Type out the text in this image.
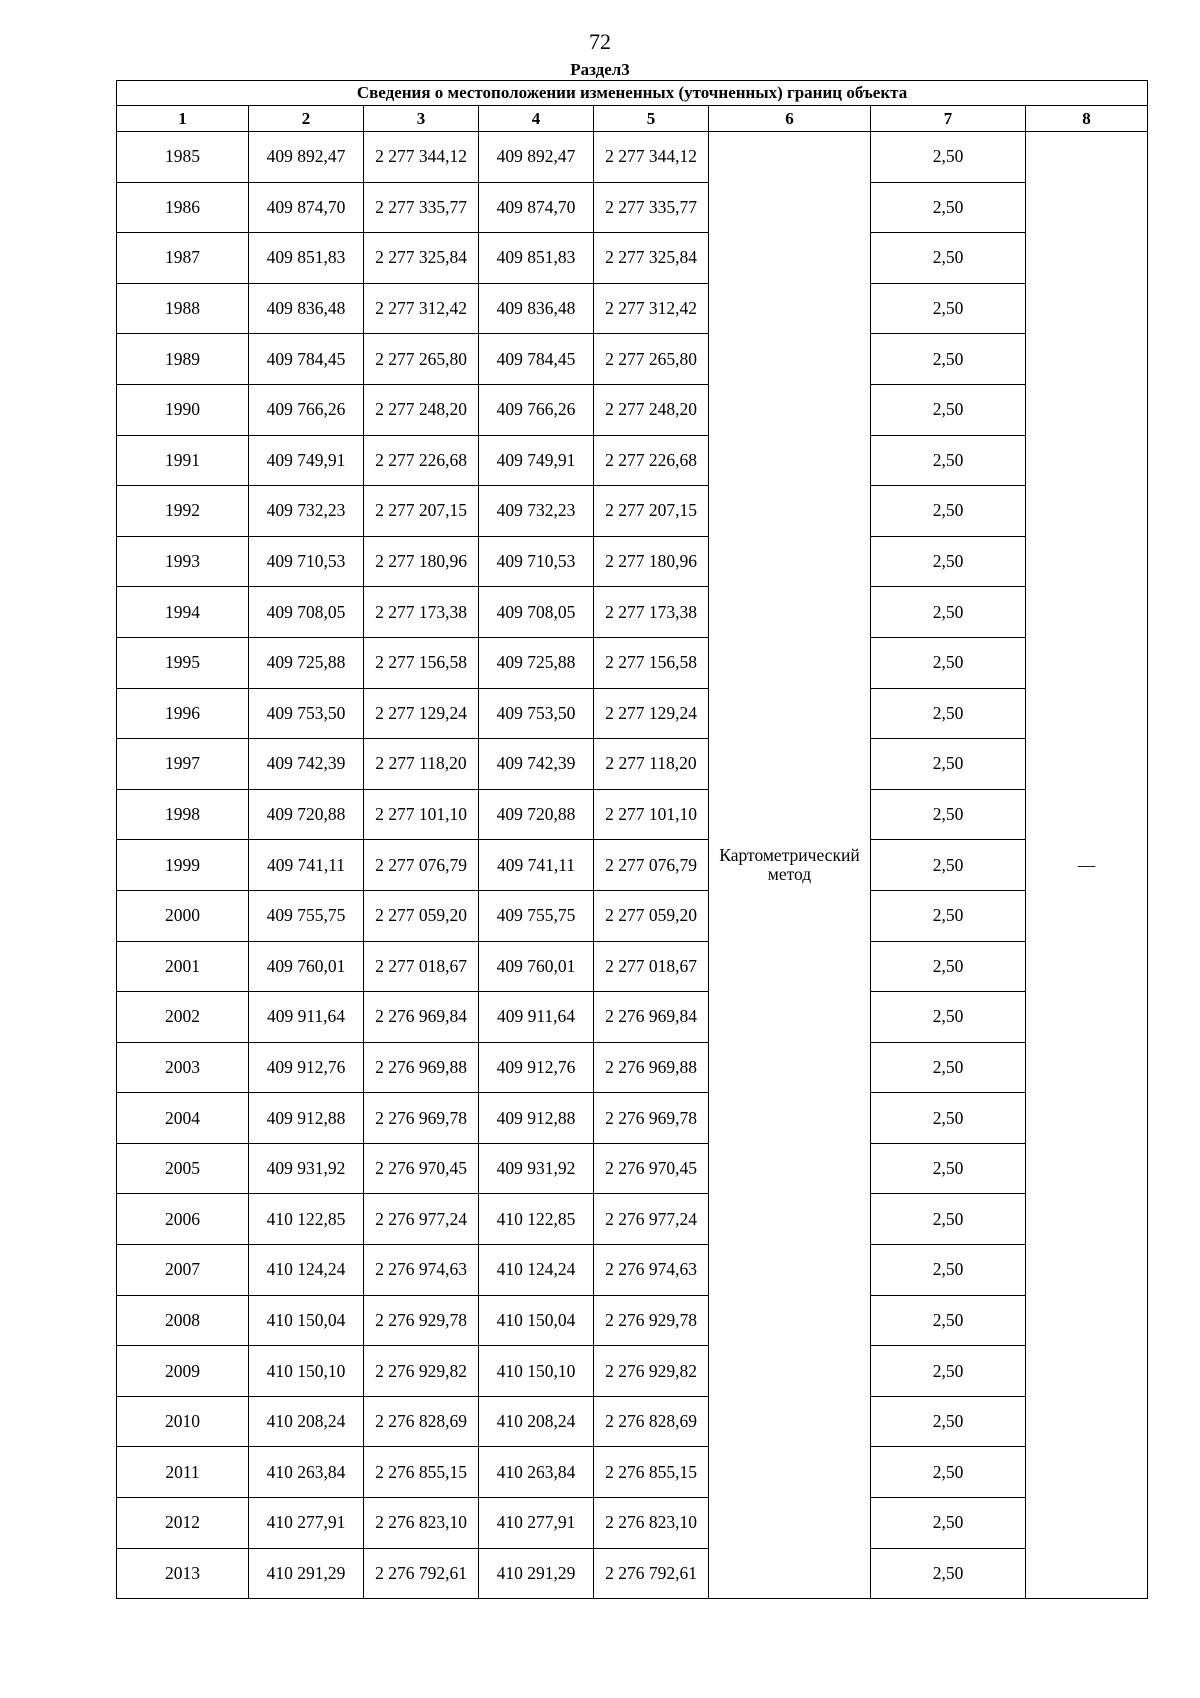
72
Раздел3
Сведения о местоположении измененных (уточненных) границ объекта							
1	2	3	4	5	6	7	8
1985	409 892,47	2 277 344,12	409 892,47	2 277 344,12	Картометрический метод	2,50	—
1986	409 874,70	2 277 335,77	409 874,70	2 277 335,77		2,50	
1987	409 851,83	2 277 325,84	409 851,83	2 277 325,84		2,50	
1988	409 836,48	2 277 312,42	409 836,48	2 277 312,42		2,50	
1989	409 784,45	2 277 265,80	409 784,45	2 277 265,80		2,50	
1990	409 766,26	2 277 248,20	409 766,26	2 277 248,20		2,50	
1991	409 749,91	2 277 226,68	409 749,91	2 277 226,68		2,50	
1992	409 732,23	2 277 207,15	409 732,23	2 277 207,15		2,50	
1993	409 710,53	2 277 180,96	409 710,53	2 277 180,96		2,50	
1994	409 708,05	2 277 173,38	409 708,05	2 277 173,38		2,50	
1995	409 725,88	2 277 156,58	409 725,88	2 277 156,58		2,50	
1996	409 753,50	2 277 129,24	409 753,50	2 277 129,24		2,50	
1997	409 742,39	2 277 118,20	409 742,39	2 277 118,20		2,50	
1998	409 720,88	2 277 101,10	409 720,88	2 277 101,10		2,50	
1999	409 741,11	2 277 076,79	409 741,11	2 277 076,79		2,50	
2000	409 755,75	2 277 059,20	409 755,75	2 277 059,20		2,50	
2001	409 760,01	2 277 018,67	409 760,01	2 277 018,67		2,50	
2002	409 911,64	2 276 969,84	409 911,64	2 276 969,84		2,50	
2003	409 912,76	2 276 969,88	409 912,76	2 276 969,88		2,50	
2004	409 912,88	2 276 969,78	409 912,88	2 276 969,78		2,50	
2005	409 931,92	2 276 970,45	409 931,92	2 276 970,45		2,50	
2006	410 122,85	2 276 977,24	410 122,85	2 276 977,24		2,50	
2007	410 124,24	2 276 974,63	410 124,24	2 276 974,63		2,50	
2008	410 150,04	2 276 929,78	410 150,04	2 276 929,78		2,50	
2009	410 150,10	2 276 929,82	410 150,10	2 276 929,82		2,50	
2010	410 208,24	2 276 828,69	410 208,24	2 276 828,69		2,50	
2011	410 263,84	2 276 855,15	410 263,84	2 276 855,15		2,50	
2012	410 277,91	2 276 823,10	410 277,91	2 276 823,10		2,50	
2013	410 291,29	2 276 792,61	410 291,29	2 276 792,61		2,50	
